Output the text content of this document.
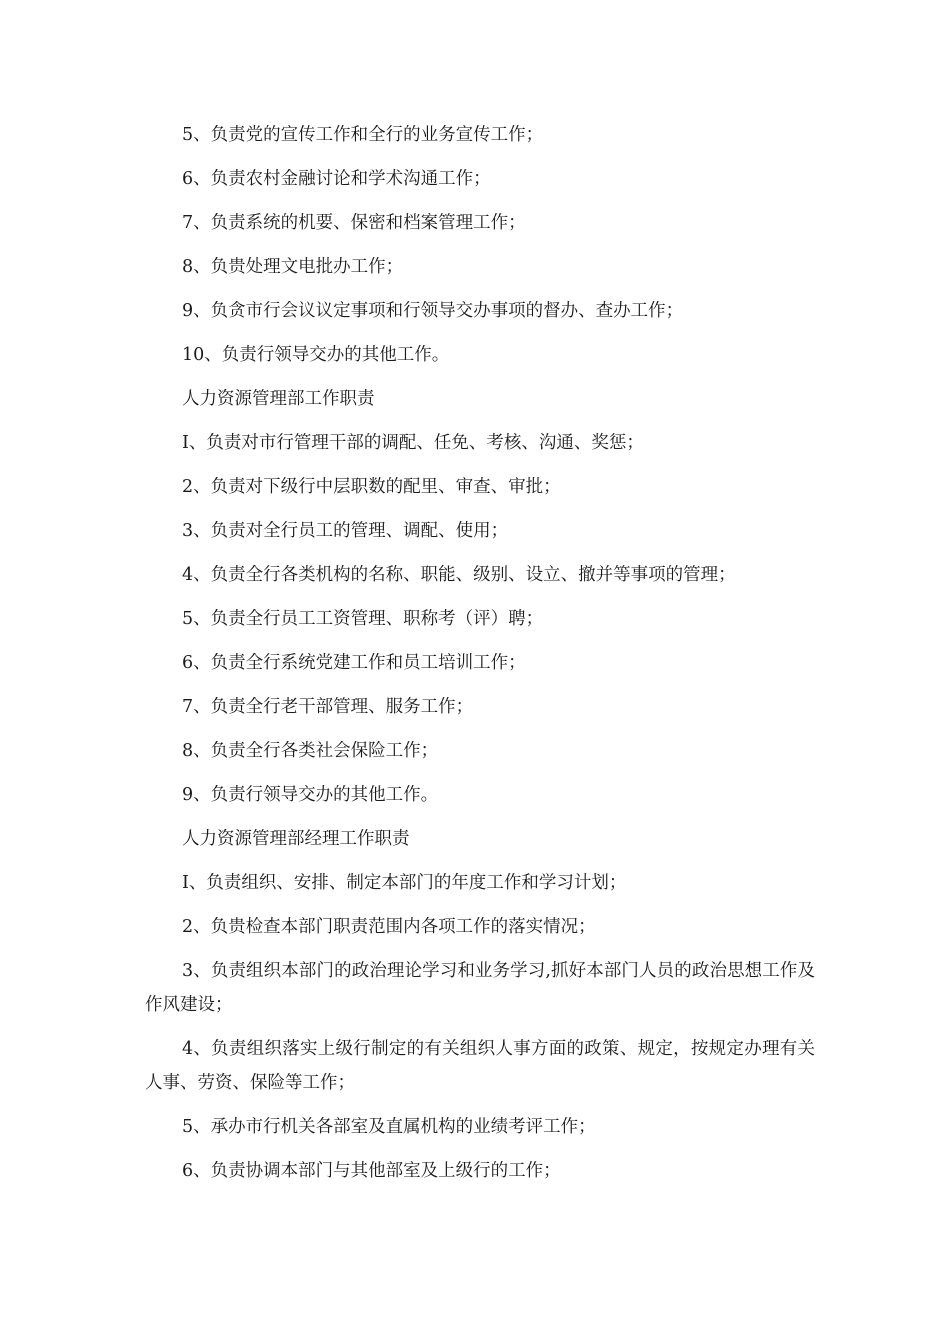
5、负责党的宣传工作和全行的业务宣传工作；

6、负责农村金融讨论和学术沟通工作；

7、负责系统的机要、保密和档案管理工作；

8、负贵处理文电批办工作；

9、负贪市行会议议定事项和行领导交办事项的督办、查办工作；

10、负责行领导交办的其他工作。

人力资源管理部工作职责

I、负责对市行管理干部的调配、任免、考核、沟通、奖惩；

2、负责对下级行中层职数的配里、审查、审批；

3、负责对全行员工的管理、调配、使用；

4、负责全行各类机构的名称、职能、级别、设立、撤并等事项的管理；

5、负责全行员工工资管理、职称考（评）聘；

6、负责全行系统党建工作和员工培训工作；

7、负责全行老干部管理、服务工作；

8、负责全行各类社会保险工作；

9、负责行领导交办的其他工作。

人力资源管理部经理工作职责

I、负责组织、安排、制定本部门的年度工作和学习计划；

2、负贵检查本部门职责范围内各项工作的落实情况；

3、负责组织本部门的政治理论学习和业务学习,抓好本部门人员的政治思想工作及作风建设；

4、负责组织落实上级行制定的有关组织人事方面的政策、规定，按规定办理有关人事、劳资、保险等工作；

5、承办市行机关各部室及直属机构的业绩考评工作；

6、负责协调本部门与其他部室及上级行的工作；
